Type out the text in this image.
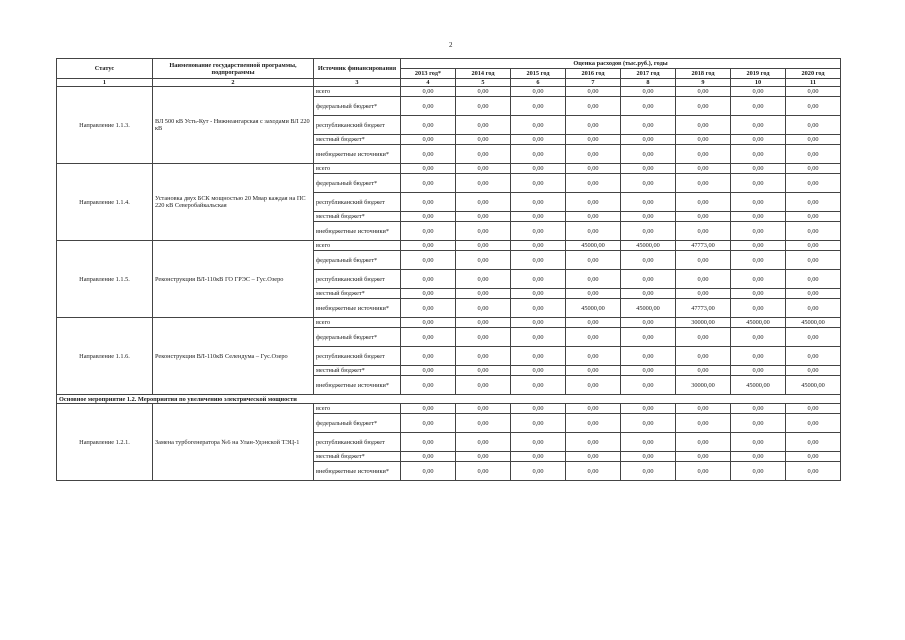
2
Статус	Наименование государственной программы, подпрограммы	Источник финансирования	Оценка расходов (тыс.руб.), годы							
			2013 год*	2014 год	2015 год	2016 год	2017 год	2018 год	2019 год	2020 год
1	2	3	4	5	6	7	8	9	10	11
Направление 1.1.3.	ВЛ 500 кВ Усть-Кут - Нижнеангарская с заходами ВЛ 220 кВ	всего	0,00	0,00	0,00	0,00	0,00	0,00	0,00	0,00
		федеральный бюджет*	0,00	0,00	0,00	0,00	0,00	0,00	0,00	0,00
		республиканский бюджет	0,00	0,00	0,00	0,00	0,00	0,00	0,00	0,00
		местный бюджет*	0,00	0,00	0,00	0,00	0,00	0,00	0,00	0,00
		внебюджетные источники*	0,00	0,00	0,00	0,00	0,00	0,00	0,00	0,00
Направление 1.1.4.	Установка двух БСК мощностью 20 Мвар каждая на ПС 220 кВ Северобайкальская	всего	0,00	0,00	0,00	0,00	0,00	0,00	0,00	0,00
		федеральный бюджет*	0,00	0,00	0,00	0,00	0,00	0,00	0,00	0,00
		республиканский бюджет	0,00	0,00	0,00	0,00	0,00	0,00	0,00	0,00
		местный бюджет*	0,00	0,00	0,00	0,00	0,00	0,00	0,00	0,00
		внебюджетные источники*	0,00	0,00	0,00	0,00	0,00	0,00	0,00	0,00
Направление 1.1.5.	Реконструкция ВЛ-110кВ ГО ГРЭС – Гус.Озеро	всего	0,00	0,00	0,00	45000,00	45000,00	47773,00	0,00	0,00
		федеральный бюджет*	0,00	0,00	0,00	0,00	0,00	0,00	0,00	0,00
		республиканский бюджет	0,00	0,00	0,00	0,00	0,00	0,00	0,00	0,00
		местный бюджет*	0,00	0,00	0,00	0,00	0,00	0,00	0,00	0,00
		внебюджетные источники*	0,00	0,00	0,00	45000,00	45000,00	47773,00	0,00	0,00
Направление 1.1.6.	Реконструкция ВЛ-110кВ Селендума – Гус.Озеро	всего	0,00	0,00	0,00	0,00	0,00	30000,00	45000,00	45000,00
		федеральный бюджет*	0,00	0,00	0,00	0,00	0,00	0,00	0,00	0,00
		республиканский бюджет	0,00	0,00	0,00	0,00	0,00	0,00	0,00	0,00
		местный бюджет*	0,00	0,00	0,00	0,00	0,00	0,00	0,00	0,00
		внебюджетные источники*	0,00	0,00	0,00	0,00	0,00	30000,00	45000,00	45000,00
Основное мероприятие 1.2. Мероприятия по увеличению электрической мощности										
Направление 1.2.1.	Замена турбогенератора №6 на Улан-Удэнской ТЭЦ-1	всего	0,00	0,00	0,00	0,00	0,00	0,00	0,00	0,00
		федеральный бюджет*	0,00	0,00	0,00	0,00	0,00	0,00	0,00	0,00
		республиканский бюджет	0,00	0,00	0,00	0,00	0,00	0,00	0,00	0,00
		местный бюджет*	0,00	0,00	0,00	0,00	0,00	0,00	0,00	0,00
		внебюджетные источники*	0,00	0,00	0,00	0,00	0,00	0,00	0,00	0,00
